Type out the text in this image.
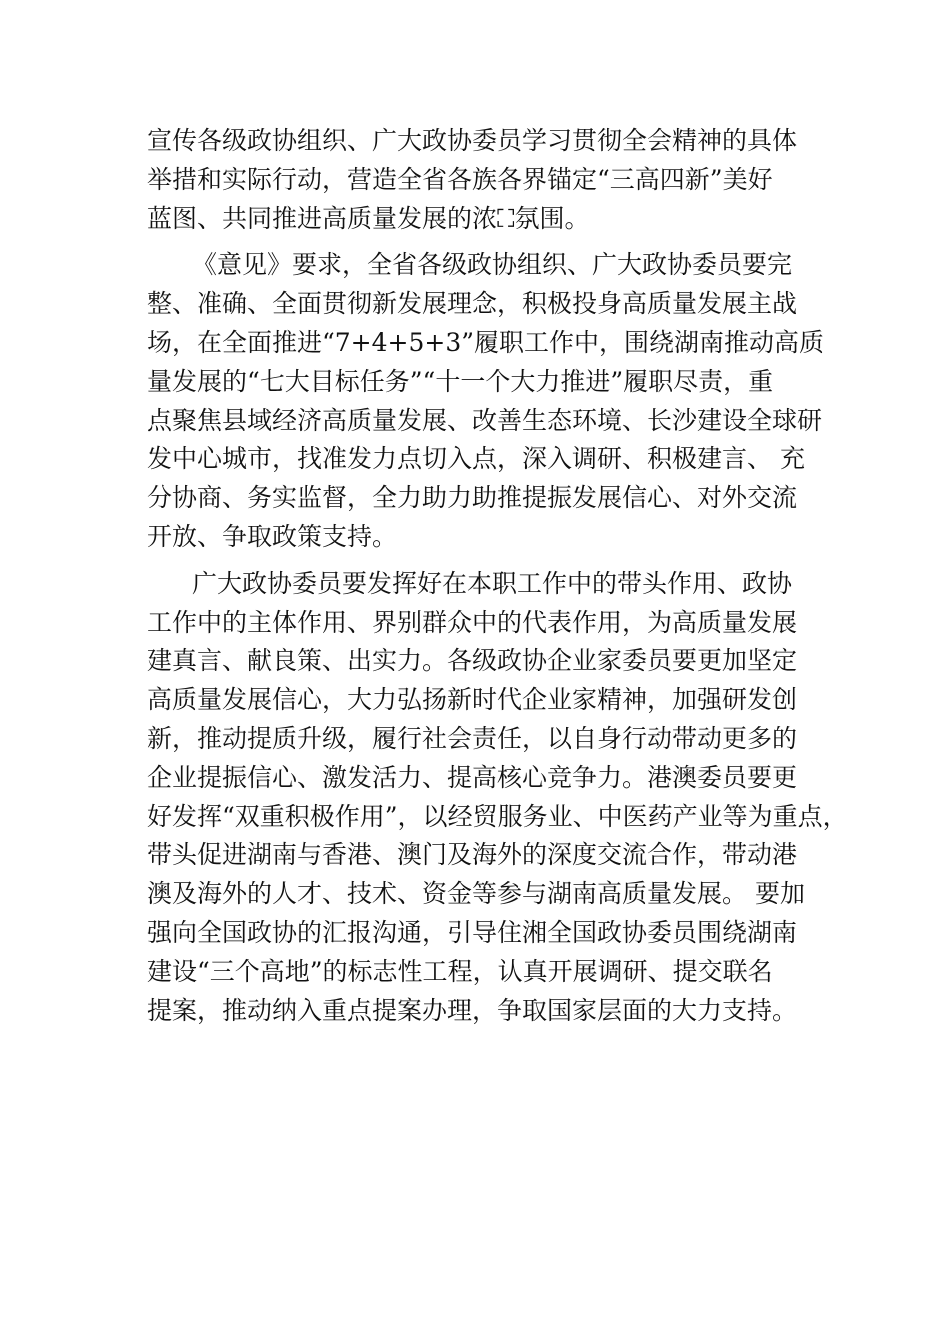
宣传各级政协组织、广大政协委员学习贯彻全会精神的具体
举措和实际行动，营造全省各族各界锚定“三高四新”美好
蓝图、共同推进高质量发展的浓⛶氛围。
《意见》要求，全省各级政协组织、广大政协委员要完
整、准确、全面贯彻新发展理念，积极投身高质量发展主战
场，在全面推进“7+4+5+3”履职工作中，围绕湖南推动高质
量发展的“七大目标任务”“十一个大力推进”履职尽责，重
点聚焦县域经济高质量发展、改善生态环境、长沙建设全球研
发中心城市，找准发力点切入点，深入调研、积极建言、 充
分协商、务实监督，全力助力助推提振发展信心、对外交流
开放、争取政策支持。
广大政协委员要发挥好在本职工作中的带头作用、政协
工作中的主体作用、界别群众中的代表作用，为高质量发展
建真言、献良策、出实力。各级政协企业家委员要更加坚定
高质量发展信心，大力弘扬新时代企业家精神，加强研发创
新，推动提质升级，履行社会责任，以自身行动带动更多的
企业提振信心、激发活力、提高核心竞争力。港澳委员要更
好发挥“双重积极作用”，以经贸服务业、中医药产业等为重点，
带头促进湖南与香港、澳门及海外的深度交流合作，带动港
澳及海外的人才、技术、资金等参与湖南高质量发展。 要加
强向全国政协的汇报沟通，引导住湘全国政协委员围绕湖南
建设“三个高地”的标志性工程，认真开展调研、提交联名
提案，推动纳入重点提案办理，争取国家层面的大力支持。
